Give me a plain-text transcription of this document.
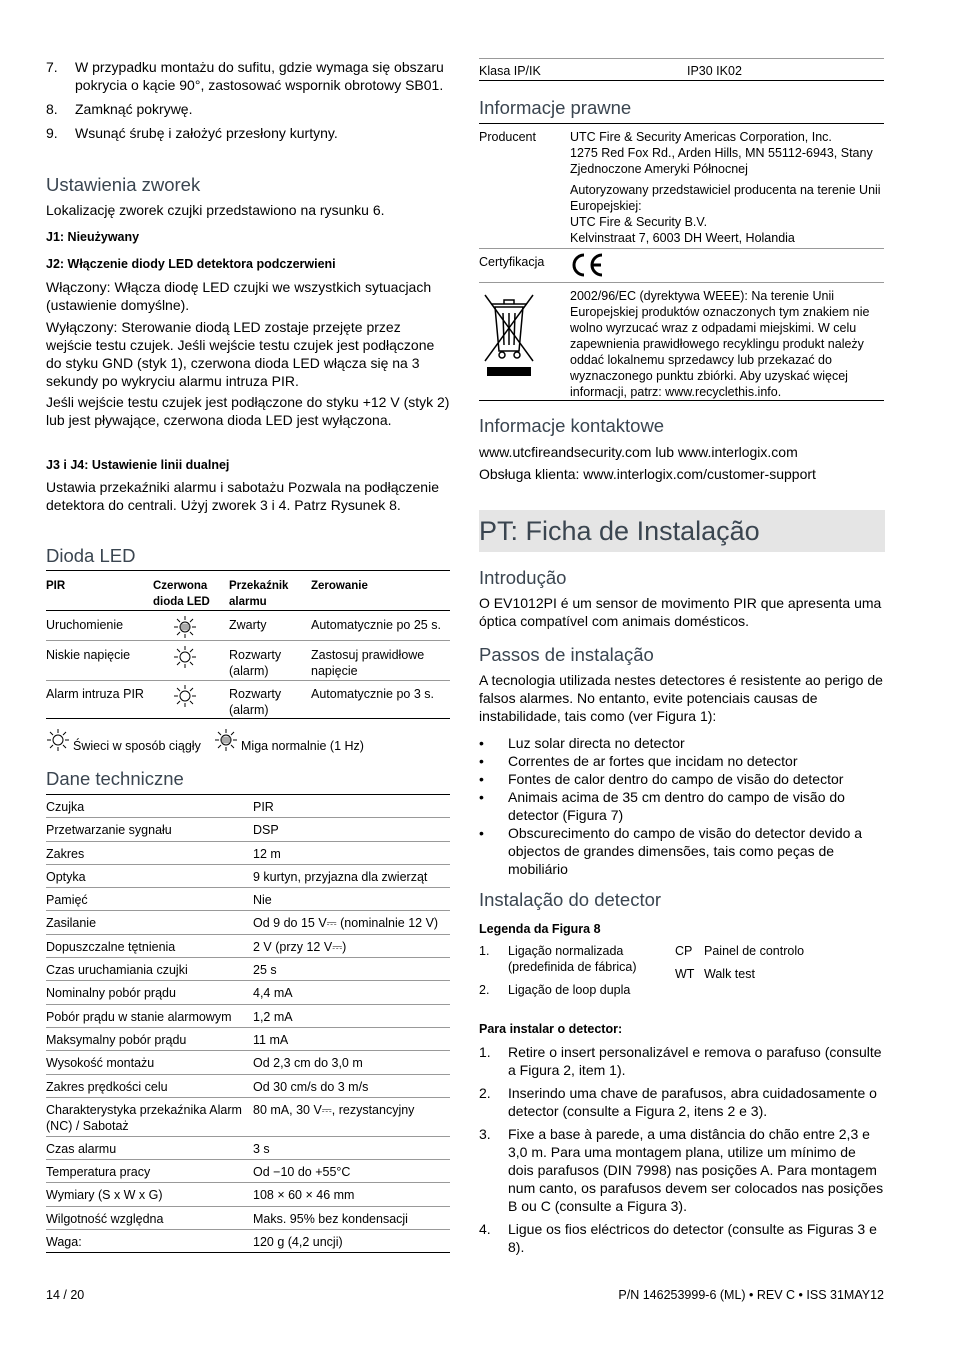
7. W przypadku montażu do sufitu, gdzie wymaga się obszaru pokrycia o kącie 90°, zastosować wspornik obrotowy SB01.
8. Zamknąć pokrywę.
9. Wsunąć śrubę i założyć przesłony kurtyny.
Ustawienia zworek

Lokalizację zworek czujki przedstawiono na rysunku 6.

J1: Nieużywany

J2: Włączenie diody LED detektora podczerwieni

Włączony: Włącza diodę LED czujki we wszystkich sytuacjach (ustawienie domyślne).

Wyłączony: Sterowanie diodą LED zostaje przejęte przez wejście testu czujek. Jeśli wejście testu czujek jest podłączone do styku GND (styk 1), czerwona dioda LED włącza się na 3 sekundy po wykryciu alarmu intruza PIR.

Jeśli wejście testu czujek jest podłączone do styku +12 V (styk 2) lub jest pływające, czerwona dioda LED jest wyłączona.

J3 i J4: Ustawienie linii dualnej

Ustawia przekaźniki alarmu i sabotażu Pozwala na podłączenie detektora do centrali. Użyj zworek 3 i 4. Patrz Rysunek 8.

Dioda LED
PIR	Czerwona dioda LED	Przekaźnik alarmu	Zerowanie
Uruchomienie		Zwarty	Automatycznie po 25 s.
Niskie napięcie		Rozwarty (alarm)	Zastosuj prawidłowe napięcie
Alarm intruza PIR		Rozwarty (alarm)	Automatycznie po 3 s.
Świeci w sposób ciągły	Miga normalnie (1 Hz)
Dane techniczne
Czujka	PIR
Przetwarzanie sygnału	DSP
Zakres	12 m
Optyka	9 kurtyn, przyjazna dla zwierząt
Pamięć	Nie
Zasilanie	Od 9 do 15 V⎓ (nominalnie 12 V)
Dopuszczalne tętnienia	2 V (przy 12 V⎓)
Czas uruchamiania czujki	25 s
Nominalny pobór prądu	4,4 mA
Pobór prądu w stanie alarmowym	1,2 mA
Maksymalny pobór prądu	11 mA
Wysokość montażu	Od 2,3 cm do 3,0 m
Zakres prędkości celu	Od 30 cm/s do 3 m/s
Charakterystyka przekaźnika Alarm (NC) / Sabotaż	80 mA, 30 V⎓, rezystancyjny
Czas alarmu	3 s
Temperatura pracy	Od −10 do +55°C
Wymiary (S x W x G)	108 × 60 × 46 mm
Wilgotność względna	Maks. 95% bez kondensacji
Waga:	120 g (4,2 uncji)
Klasa IP/IK	IP30 IK02
Informacje prawne
Producent	UTC Fire & Security Americas Corporation, Inc.
1275 Red Fox Rd., Arden Hills, MN 55112-6943, Stany Zjednoczone Ameryki Północnej
Autoryzowany przedstawiciel producenta na terenie Unii Europejskiej:
UTC Fire & Security B.V.
Kelvinstraat 7, 6003 DH Weert, Holandia

Certyfikacja	
	2002/96/EC (dyrektywa WEEE): Na terenie Unii Europejskiej produktów oznaczonych tym znakiem nie wolno wyrzucać wraz z odpadami miejskimi. W celu zapewnienia prawidłowego recyklingu produkt należy oddać lokalnemu sprzedawcy lub przekazać do wyznaczonego punktu zbiórki. Aby uzyskać więcej informacji, patrz: www.recyclethis.info.
Informacje kontaktowe

www.utcfireandsecurity.com lub www.interlogix.com

Obsługa klienta: www.interlogix.com/customer-support

PT: Ficha de Instalação
Introdução

O EV1012PI é um sensor de movimento PIR que apresenta uma óptica compatível com animais domésticos.

Passos de instalação

A tecnologia utilizada nestes detectores é resistente ao perigo de falsos alarmes. No entanto, evite potenciais causas de instabilidade, tais como (ver Figura 1):

• Luz solar directa no detector
• Correntes de ar fortes que incidam no detector
• Fontes de calor dentro do campo de visão do detector
• Animais acima de 35 cm dentro do campo de visão do detector (Figura 7)
• Obscurecimento do campo de visão do detector devido a objectos de grandes dimensões, tais como peças de mobiliário
Instalação do detector

Legenda da Figura 8

1. Ligação normalizada (predefinida de fábrica)
2. Ligação de loop dupla
CP Painel de controlo
WT Walk test

Para instalar o detector:

1. Retire o insert personalizável e remova o parafuso (consulte a Figura 2, item 1).
2. Inserindo uma chave de parafusos, abra cuidadosamente o detector (consulte a Figura 2, itens 2 e 3).
3. Fixe a base à parede, a uma distância do chão entre 2,3 e 3,0 m. Para uma montagem plana, utilize um mínimo de dois parafusos (DIN 7998) nas posições A. Para montagem num canto, os parafusos devem ser colocados nas posições B ou C (consulte a Figura 3).
4. Ligue os fios eléctricos do detector (consulte as Figuras 3 e 8).
14 / 20	P/N 146253999-6 (ML) • REV C • ISS 31MAY12
